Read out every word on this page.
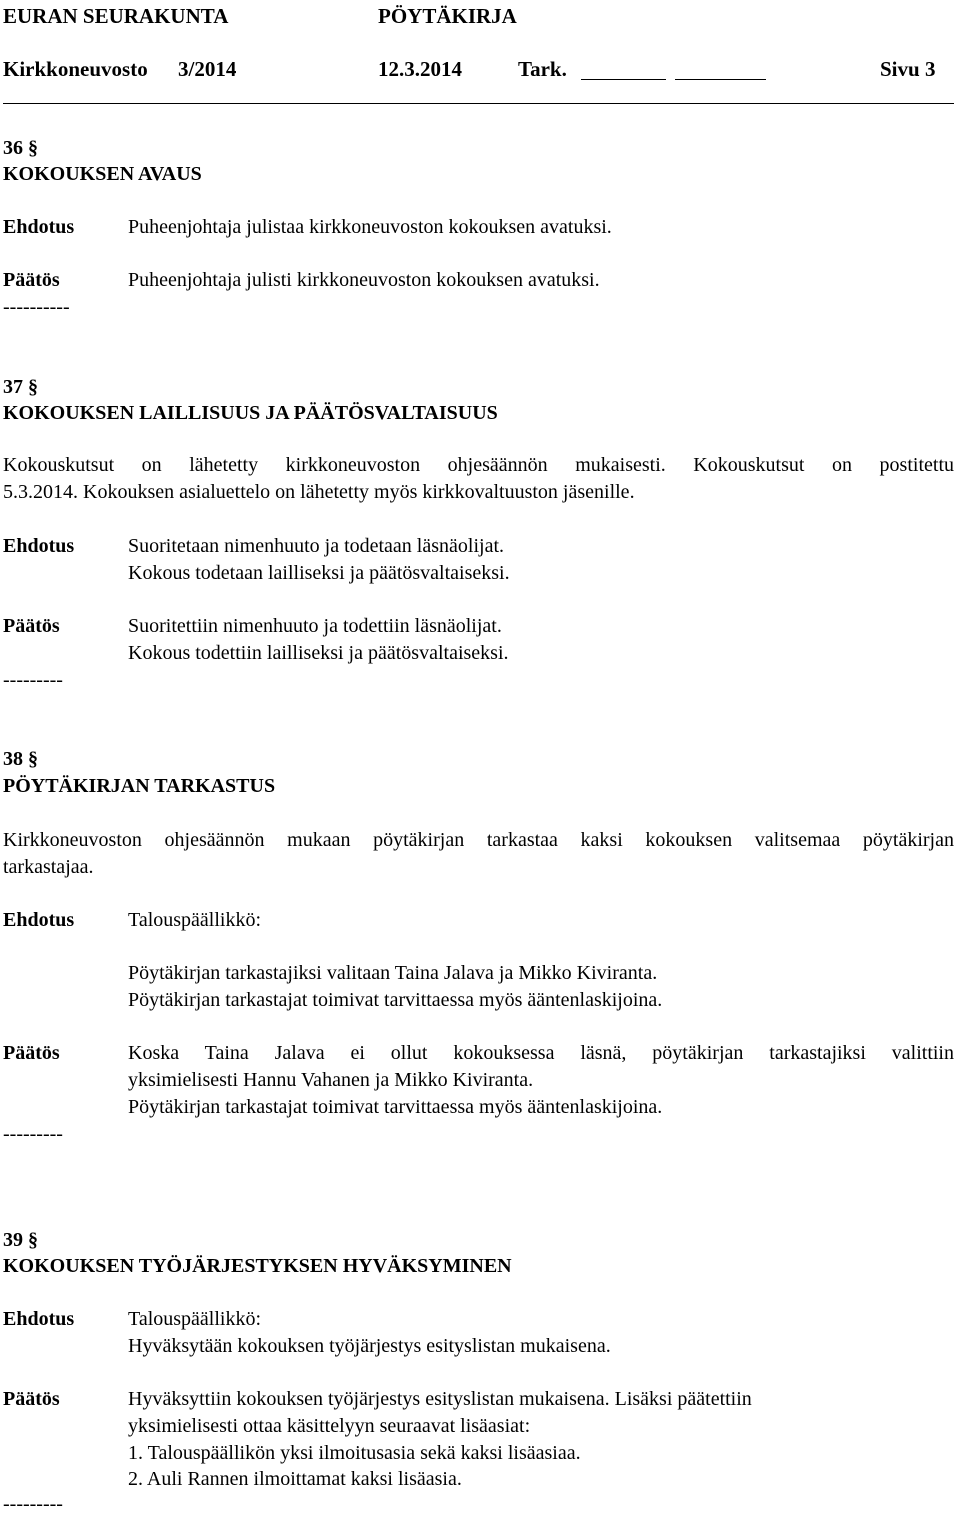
EURAN SEURAKUNTA	PÖYTÄKIRJA
Kirkkoneuvosto 3/2014	12.3.2014	Tark.	Sivu 3
36 §
KOKOUKSEN AVAUS
Ehdotus	Puheenjohtaja julistaa kirkkoneuvoston kokouksen avatuksi.
Päätös	Puheenjohtaja julisti kirkkoneuvoston kokouksen avatuksi.
----------
37 §
KOKOUKSEN LAILLISUUS JA PÄÄTÖSVALTAISUUS
Kokouskutsut on lähetetty kirkkoneuvoston ohjesäännön mukaisesti. Kokouskutsut on postitettu
5.3.2014. Kokouksen asialuettelo on lähetetty myös kirkkovaltuuston jäsenille.
Ehdotus	Suoritetaan nimenhuuto ja todetaan läsnäolijat.
Kokous todetaan lailliseksi ja päätösvaltaiseksi.
Päätös	Suoritettiin nimenhuuto ja todettiin läsnäolijat.
Kokous todettiin lailliseksi ja päätösvaltaiseksi.
---------
38 §
PÖYTÄKIRJAN TARKASTUS
Kirkkoneuvoston ohjesäännön mukaan pöytäkirjan tarkastaa kaksi kokouksen valitsemaa pöytäkirjan
tarkastajaa.
Ehdotus	Talouspäällikkö:
Pöytäkirjan tarkastajiksi valitaan Taina Jalava ja Mikko Kiviranta.
Pöytäkirjan tarkastajat toimivat tarvittaessa myös ääntenlaskijoina.
Päätös	Koska Taina Jalava ei ollut kokouksessa läsnä, pöytäkirjan tarkastajiksi valittiin
yksimielisesti Hannu Vahanen ja Mikko Kiviranta.
Pöytäkirjan tarkastajat toimivat tarvittaessa myös ääntenlaskijoina.
---------
39 §
KOKOUKSEN TYÖJÄRJESTYKSEN HYVÄKSYMINEN
Ehdotus	Talouspäällikkö:
Hyväksytään kokouksen työjärjestys esityslistan mukaisena.
Päätös	Hyväksyttiin kokouksen työjärjestys esityslistan mukaisena. Lisäksi päätettiin
yksimielisesti ottaa käsittelyyn seuraavat lisäasiat:
1. Talouspäällikön yksi ilmoitusasia sekä kaksi lisäasiaa.
2. Auli Rannen ilmoittamat kaksi lisäasia.
---------
